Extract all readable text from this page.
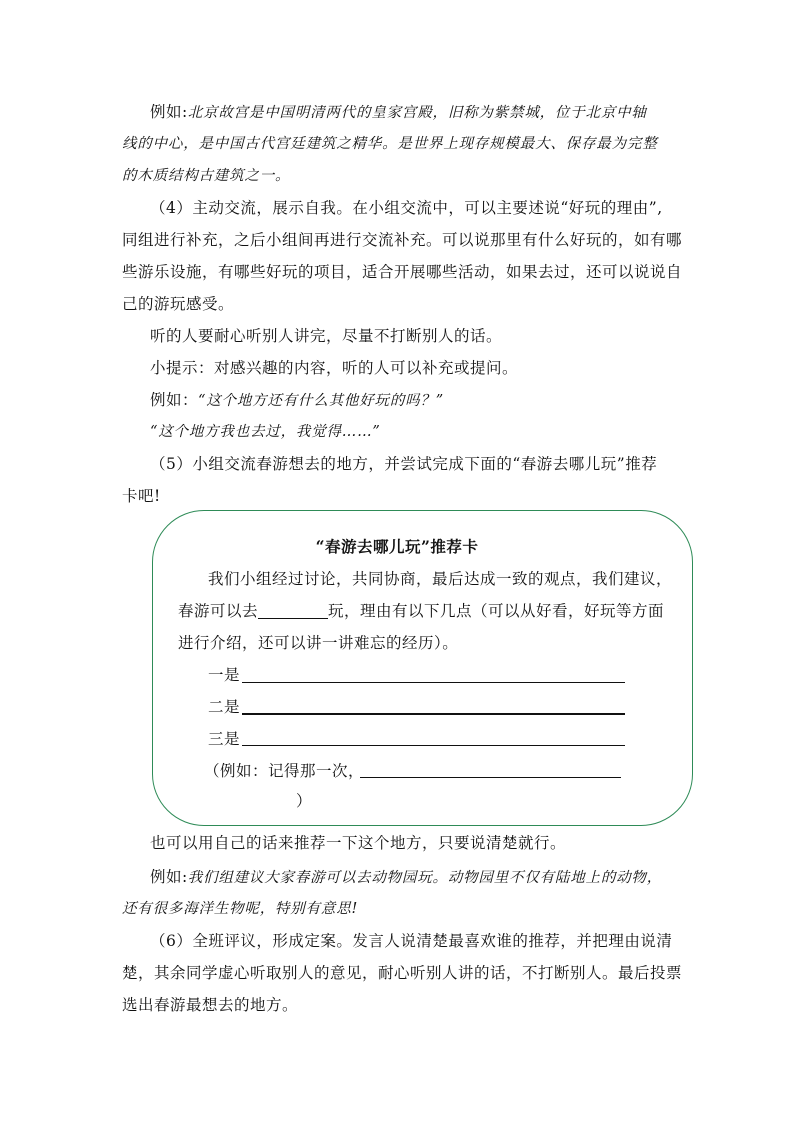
例如:北京故宫是中国明清两代的皇家宫殿，旧称为紫禁城，位于北京中轴
线的中心，是中国古代宫廷建筑之精华。是世界上现存规模最大、保存最为完整
的木质结构古建筑之一。
（4）主动交流，展示自我。在小组交流中，可以主要述说“好玩的理由”,
同组进行补充，之后小组间再进行交流补充。可以说那里有什么好玩的，如有哪
些游乐设施，有哪些好玩的项目，适合开展哪些活动，如果去过，还可以说说自
己的游玩感受。
听的人要耐心听别人讲完，尽量不打断别人的话。
小提示：对感兴趣的内容，听的人可以补充或提问。
例如：“这个地方还有什么其他好玩的吗？”
“这个地方我也去过，我觉得……”
（5）小组交流春游想去的地方，并尝试完成下面的“春游去哪儿玩”推荐
卡吧!
“春游去哪儿玩”推荐卡
我们小组经过讨论，共同协商，最后达成一致的观点，我们建议，
春游可以去	玩，理由有以下几点（可以从好看，好玩等方面
进行介绍，还可以讲一讲难忘的经历）。
一是
二是
三是
（例如：记得那一次，
）
也可以用自己的话来推荐一下这个地方，只要说清楚就行。
例如:我们组建议大家春游可以去动物园玩。动物园里不仅有陆地上的动物，
还有很多海洋生物呢，特别有意思!
（6）全班评议，形成定案。发言人说清楚最喜欢谁的推荐，并把理由说清
楚，其余同学虚心听取别人的意见，耐心听别人讲的话，不打断别人。最后投票
选出春游最想去的地方。
